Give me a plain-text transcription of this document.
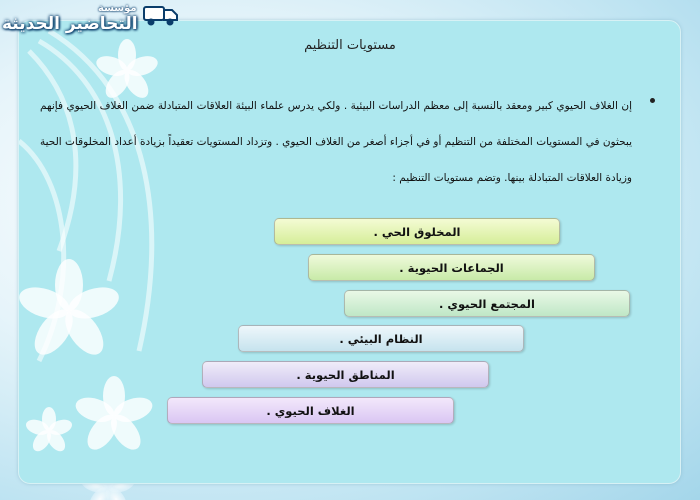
مستويات التنظيم

إن الغلاف الحيوي كبير ومعقد بالنسبة إلى معظم الدراسات البيئية . ولكي يدرس علماء البيئة العلاقات المتبادلة ضمن الغلاف الحيوي فإنهم يبحثون في المستويات المختلفة من التنظيم أو في أجزاء أصغر من الغلاف الحيوي . وتزداد المستويات تعقيداً بزيادة أعداد المخلوقات الحية وزيادة العلاقات المتبادلة بينها. وتضم مستويات التنظيم :

المخلوق الحي .
الجماعات الحيوية .
المجتمع الحيوي .
النظام البيئي .
المناطق الحيوية .
الغلاف الحيوي .
مؤسسة
التحاضير الحديثة
